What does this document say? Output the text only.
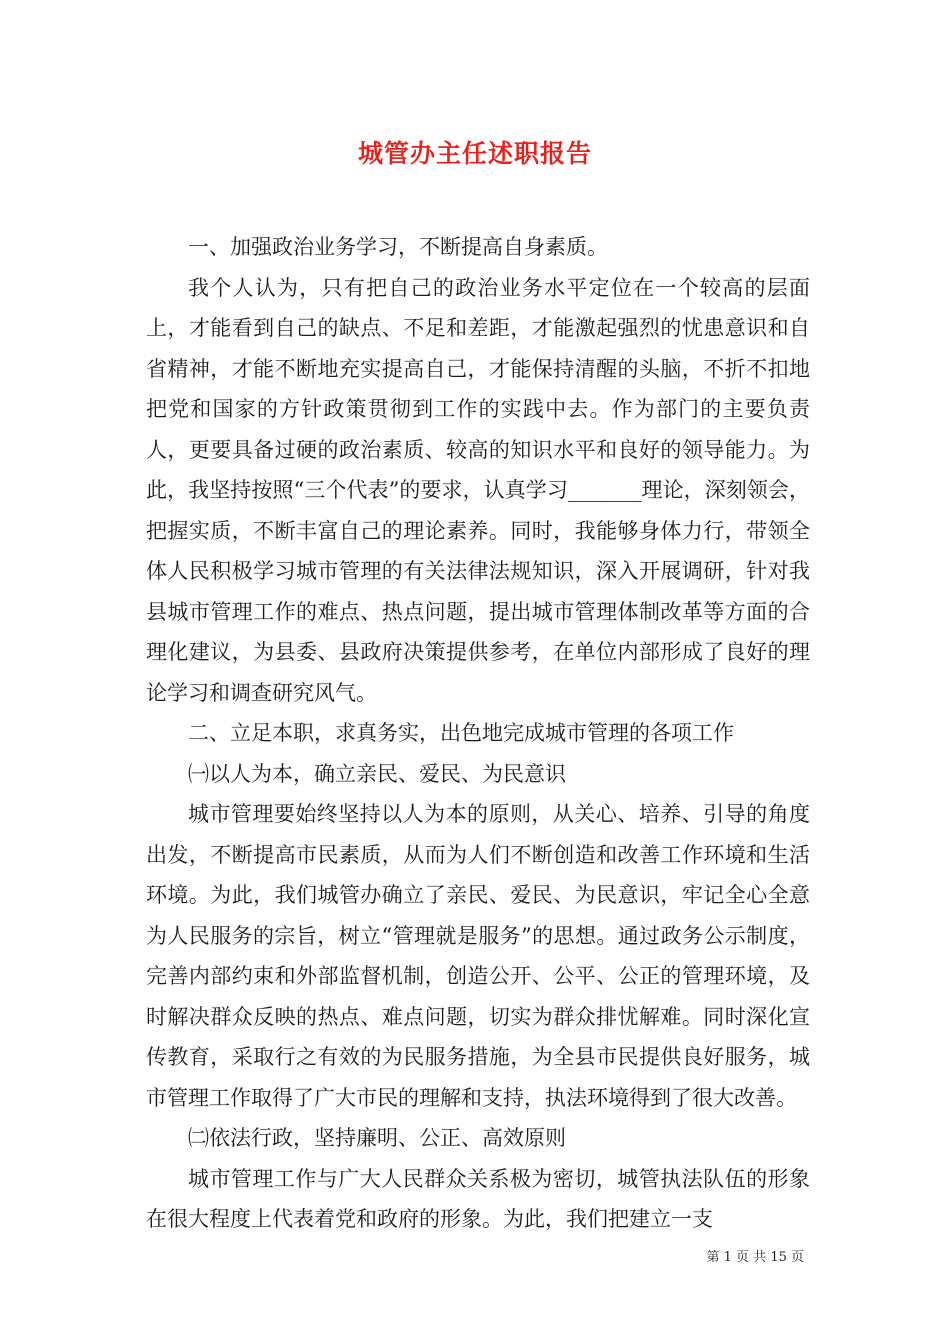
城管办主任述职报告

一、加强政治业务学习，不断提高自身素质。

我个人认为，只有把自己的政治业务水平定位在一个较高的层面上，才能看到自己的缺点、不足和差距，才能激起强烈的忧患意识和自省精神，才能不断地充实提高自己，才能保持清醒的头脑，不折不扣地把党和国家的方针政策贯彻到工作的实践中去。作为部门的主要负责人，更要具备过硬的政治素质、较高的知识水平和良好的领导能力。为此，我坚持按照“三个代表”的要求，认真学习_______理论，深刻领会，把握实质，不断丰富自己的理论素养。同时，我能够身体力行，带领全体人民积极学习城市管理的有关法律法规知识，深入开展调研，针对我县城市管理工作的难点、热点问题，提出城市管理体制改革等方面的合理化建议，为县委、县政府决策提供参考，在单位内部形成了良好的理论学习和调查研究风气。

二、立足本职，求真务实，出色地完成城市管理的各项工作

㈠以人为本，确立亲民、爱民、为民意识

城市管理要始终坚持以人为本的原则，从关心、培养、引导的角度出发，不断提高市民素质，从而为人们不断创造和改善工作环境和生活环境。为此，我们城管办确立了亲民、爱民、为民意识，牢记全心全意为人民服务的宗旨，树立“管理就是服务”的思想。通过政务公示制度，完善内部约束和外部监督机制，创造公开、公平、公正的管理环境，及时解决群众反映的热点、难点问题，切实为群众排忧解难。同时深化宣传教育，采取行之有效的为民服务措施，为全县市民提供良好服务，城市管理工作取得了广大市民的理解和支持，执法环境得到了很大改善。

㈡依法行政，坚持廉明、公正、高效原则

城市管理工作与广大人民群众关系极为密切，城管执法队伍的形象在很大程度上代表着党和政府的形象。为此，我们把建立一支

第 1 页 共 15 页
